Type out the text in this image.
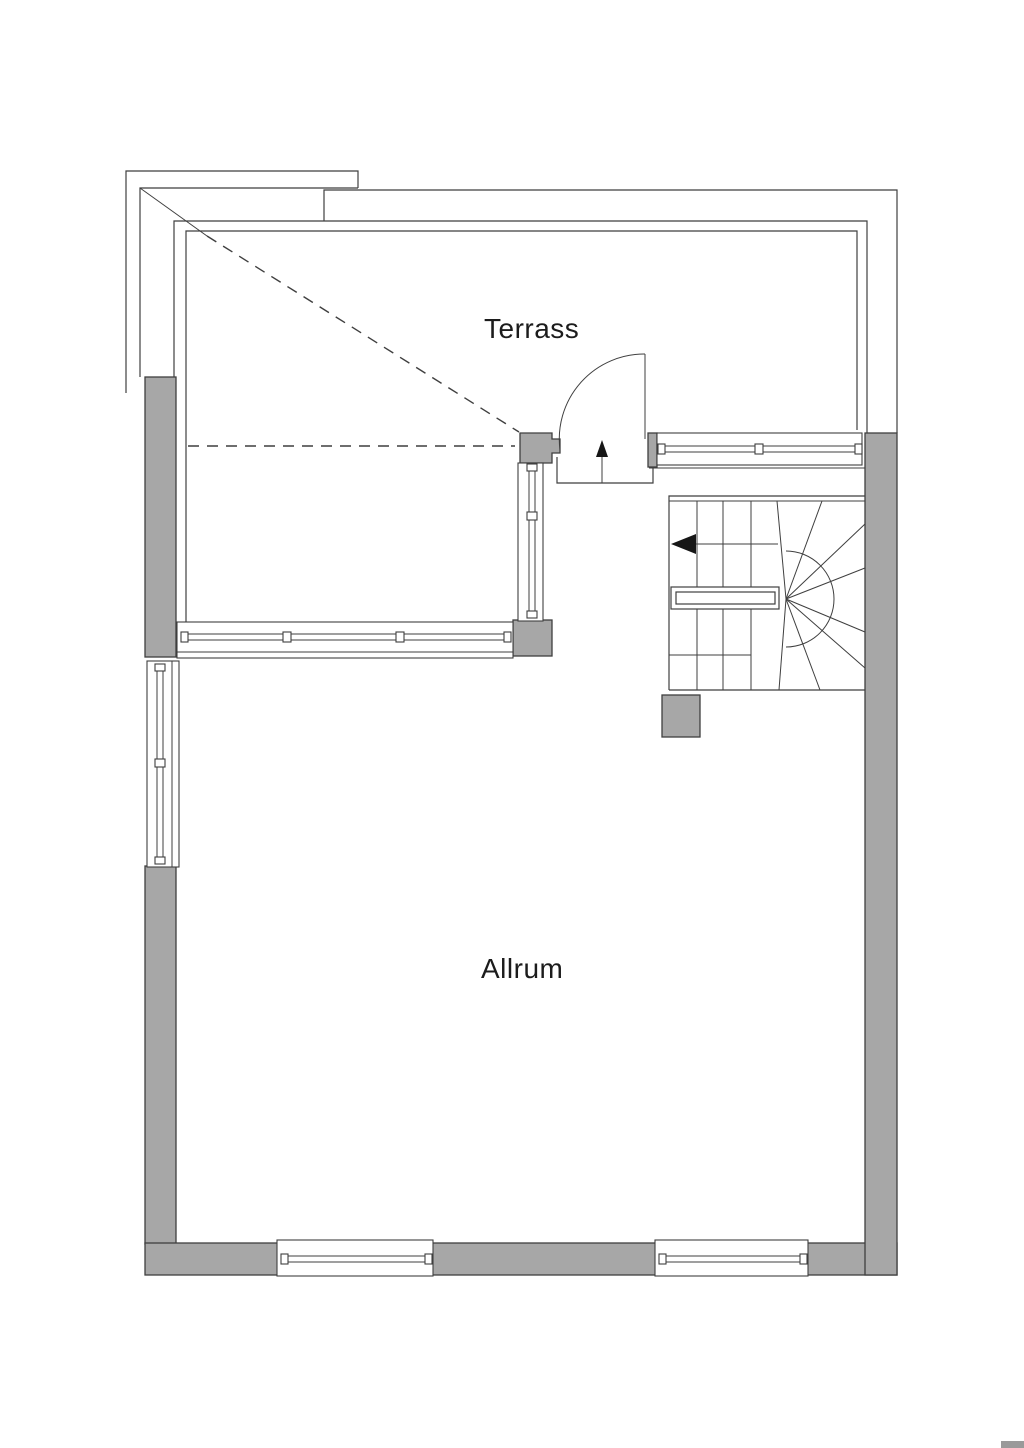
Terrass
Allrum
